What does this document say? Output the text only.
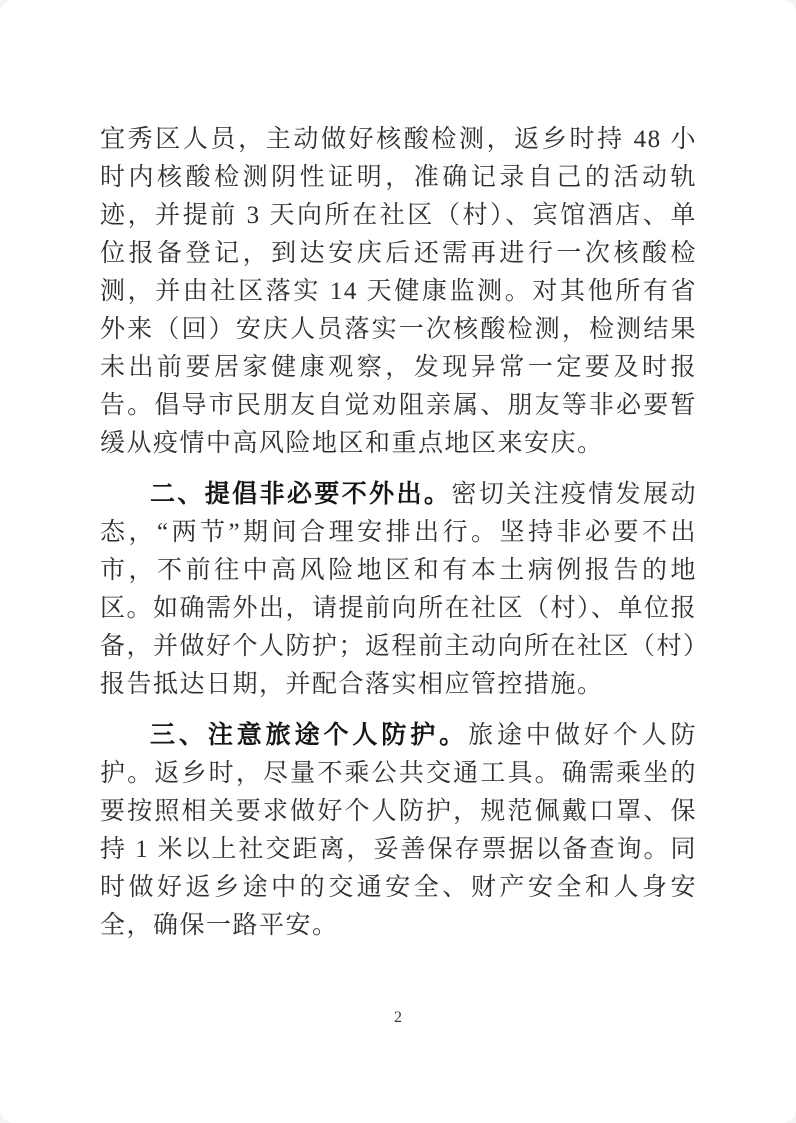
宜秀区人员，主动做好核酸检测，返乡时持 48 小时内核酸检测阴性证明，准确记录自己的活动轨迹，并提前 3 天向所在社区（村）、宾馆酒店、单位报备登记，到达安庆后还需再进行一次核酸检测，并由社区落实 14 天健康监测。对其他所有省外来（回）安庆人员落实一次核酸检测，检测结果未出前要居家健康观察，发现异常一定要及时报告。倡导市民朋友自觉劝阻亲属、朋友等非必要暂缓从疫情中高风险地区和重点地区来安庆。

二、提倡非必要不外出。密切关注疫情发展动态，“两节”期间合理安排出行。坚持非必要不出市，不前往中高风险地区和有本土病例报告的地区。如确需外出，请提前向所在社区（村）、单位报备，并做好个人防护；返程前主动向所在社区（村）报告抵达日期，并配合落实相应管控措施。

三、注意旅途个人防护。旅途中做好个人防护。返乡时，尽量不乘公共交通工具。确需乘坐的要按照相关要求做好个人防护，规范佩戴口罩、保持 1 米以上社交距离，妥善保存票据以备查询。同时做好返乡途中的交通安全、财产安全和人身安全，确保一路平安。

2
